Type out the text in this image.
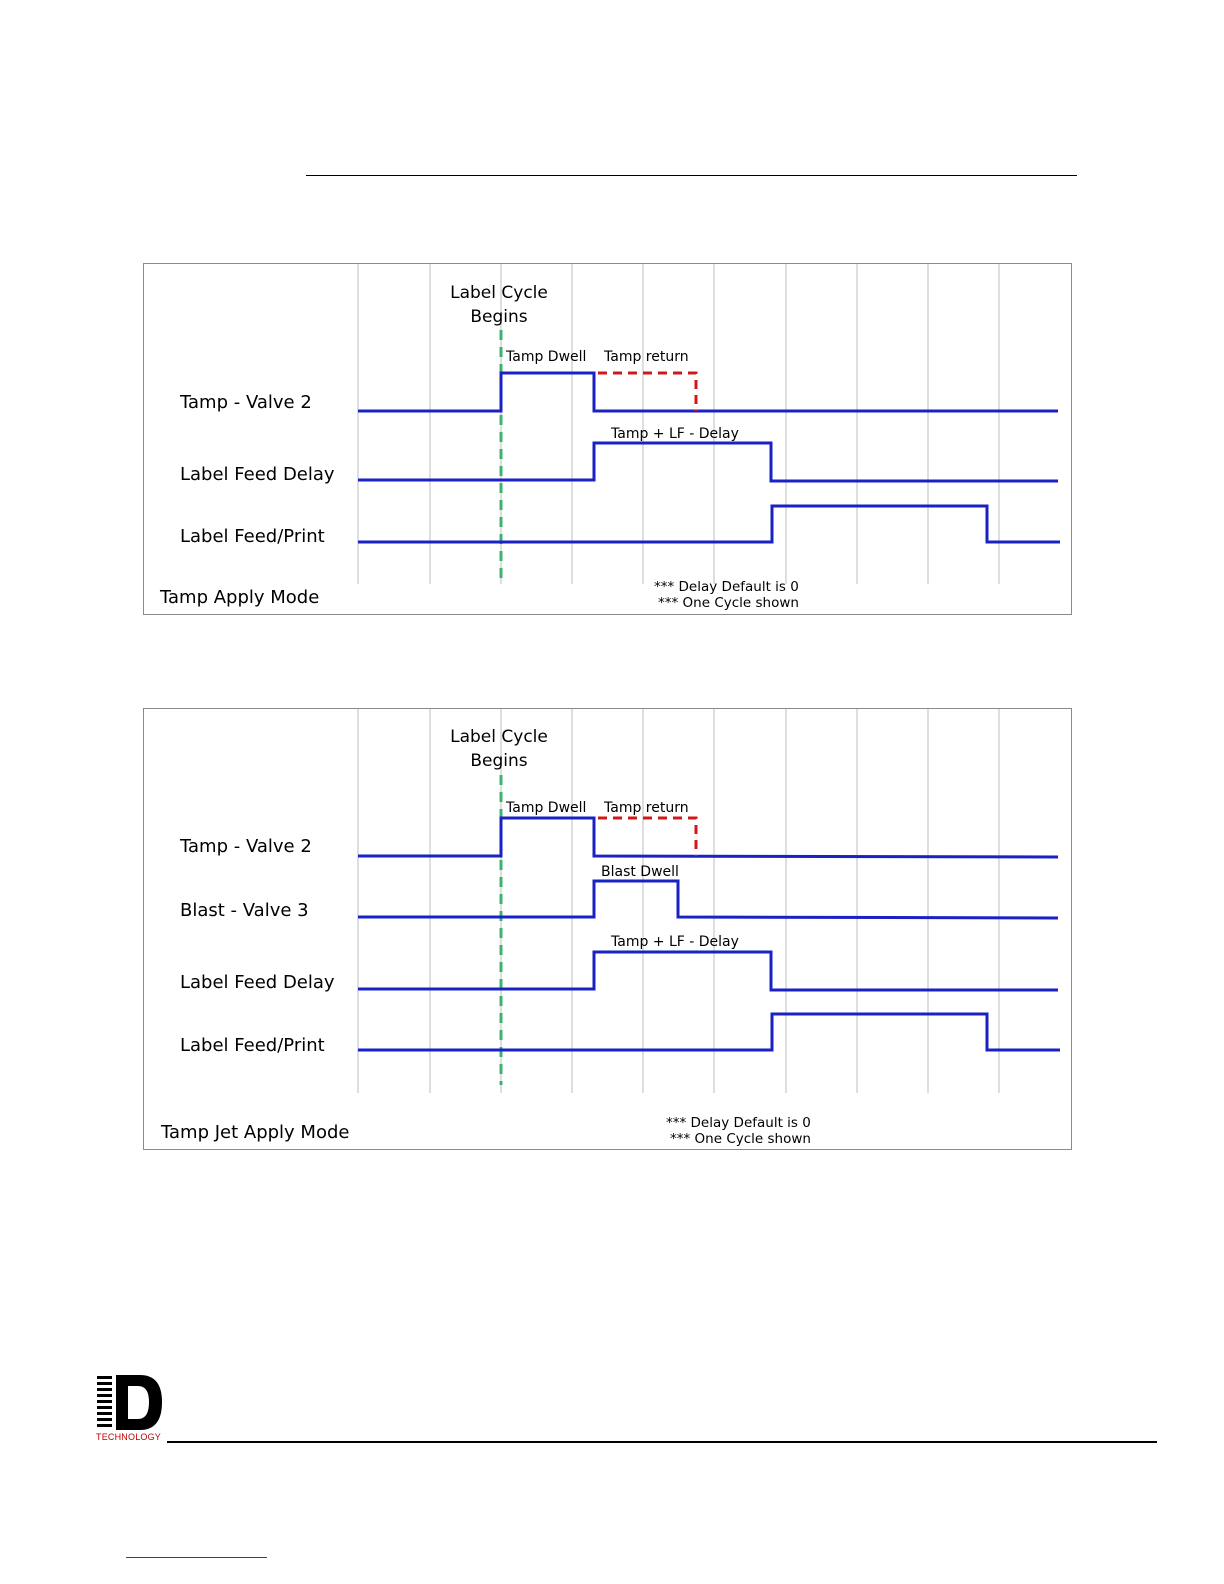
Label Cycle
Begins
Tamp - Valve 2
Tamp Dwell Tamp return
Label Feed Delay
Tamp + LF - Delay
Label Feed/Print
Tamp Apply Mode	*** Delay Default is 0
*** One Cycle shown
Label Cycle
Begins
Tamp - Valve 2
Tamp Dwell Tamp return
Blast - Valve 3
Blast Dwell
Label Feed Delay
Tamp + LF - Delay
Label Feed/Print
Tamp Jet Apply Mode	*** Delay Default is 0
*** One Cycle shown
TECHNOLOGY
